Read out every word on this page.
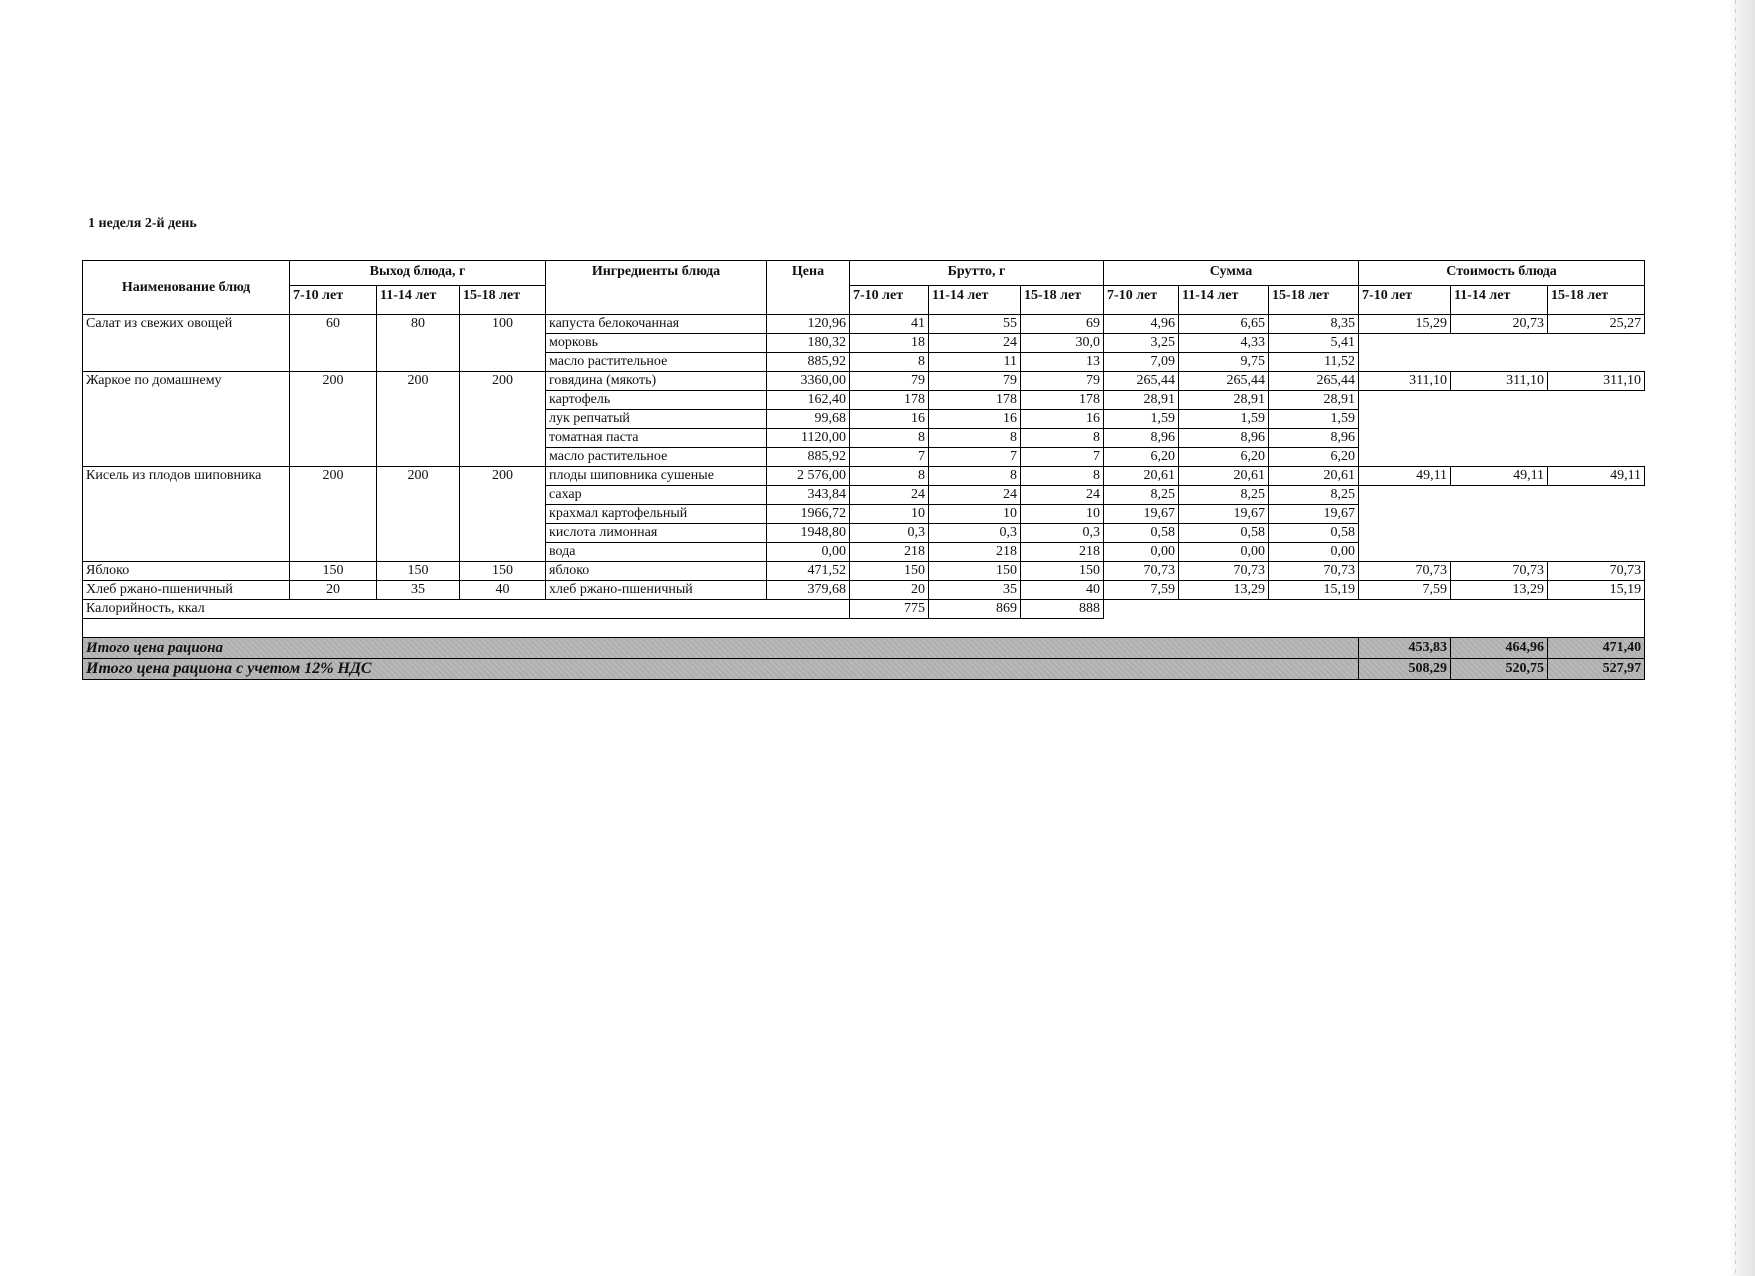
1 неделя 2-й день
Наименование блюд	Выход блюда, г			Ингредиенты блюда	Цена	Брутто, г			Сумма			Стоимость блюда		
	7-10 лет	11-14 лет	15-18 лет			7-10 лет	11-14 лет	15-18 лет	7-10 лет	11-14 лет	15-18 лет	7-10 лет	11-14 лет	15-18 лет
Салат из свежих овощей	60	80	100	капуста белокочанная	120,96	41	55	69	4,96	6,65	8,35	15,29	20,73	25,27
				морковь	180,32	18	24	30,0	3,25	4,33	5,41			
				масло растительное	885,92	8	11	13	7,09	9,75	11,52			
Жаркое по домашнему	200	200	200	говядина (мякоть)	3360,00	79	79	79	265,44	265,44	265,44	311,10	311,10	311,10
				картофель	162,40	178	178	178	28,91	28,91	28,91			
				лук репчатый	99,68	16	16	16	1,59	1,59	1,59			
				томатная паста	1120,00	8	8	8	8,96	8,96	8,96			
				масло растительное	885,92	7	7	7	6,20	6,20	6,20			
Кисель из плодов шиповника	200	200	200	плоды шиповника сушеные	2 576,00	8	8	8	20,61	20,61	20,61	49,11	49,11	49,11
				сахар	343,84	24	24	24	8,25	8,25	8,25			
				крахмал картофельный	1966,72	10	10	10	19,67	19,67	19,67			
				кислота лимонная	1948,80	0,3	0,3	0,3	0,58	0,58	0,58			
				вода	0,00	218	218	218	0,00	0,00	0,00			
Яблоко	150	150	150	яблоко	471,52	150	150	150	70,73	70,73	70,73	70,73	70,73	70,73
Хлеб ржано-пшеничный	20	35	40	хлеб ржано-пшеничный	379,68	20	35	40	7,59	13,29	15,19	7,59	13,29	15,19
Калорийность, ккал						775	869	888						

Итого цена рациона												453,83	464,96	471,40
Итого цена рациона с учетом 12% НДС												508,29	520,75	527,97
